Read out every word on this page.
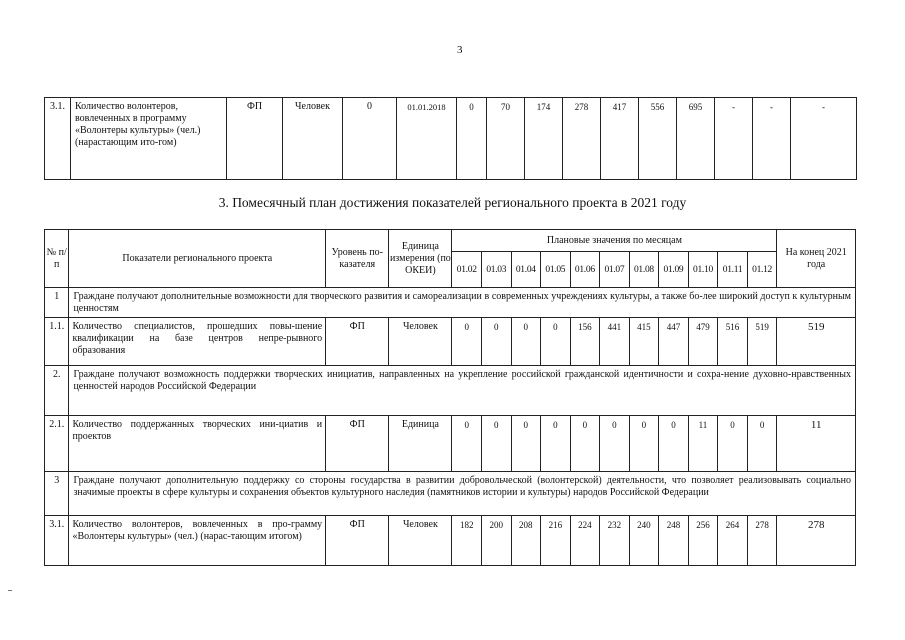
3
3.1.	Количество волонтеров, вовлеченных в программу «Волонтеры культуры» (чел.) (нарастающим ито-гом)	ФП	Человек	0	01.01.2018	0	70	174	278	417	556	695	-	-	-
3. Помесячный план достижения показателей регионального проекта в 2021 году
№ п/п	Показатели регионального проекта	Уровень по-казателя	Единица измерения (по ОКЕИ)	Плановые значения по месяцам											На конец 2021 года
				01.02	01.03	01.04	01.05	01.06	01.07	01.08	01.09	01.10	01.11	01.12	
1	Граждане получают дополнительные возможности для творческого развития и самореализации в современных учреждениях культуры, а также бо-лее широкий доступ к культурным ценностям														
1.1.	Количество специалистов, прошедших повы-шение квалификации на базе центров непре-рывного образования	ФП	Человек	0	0	0	0	156	441	415	447	479	516	519	519
2.	Граждане получают возможность поддержки творческих инициатив, направленных на укрепление российской гражданской идентичности и сохра-нение духовно-нравственных ценностей народов Российской Федерации														
2.1.	Количество поддержанных творческих ини-циатив и проектов	ФП	Единица	0	0	0	0	0	0	0	0	11	0	0	11
3	Граждане получают дополнительную поддержку со стороны государства в развитии добровольческой (волонтерской) деятельности, что позволяет реализовывать социально значимые проекты в сфере культуры и сохранения объектов культурного наследия (памятников истории и культуры) народов Российской Федерации														
3.1.	Количество волонтеров, вовлеченных в про-грамму «Волонтеры культуры» (чел.) (нарас-тающим итогом)	ФП	Человек	182	200	208	216	224	232	240	248	256	264	278	278
